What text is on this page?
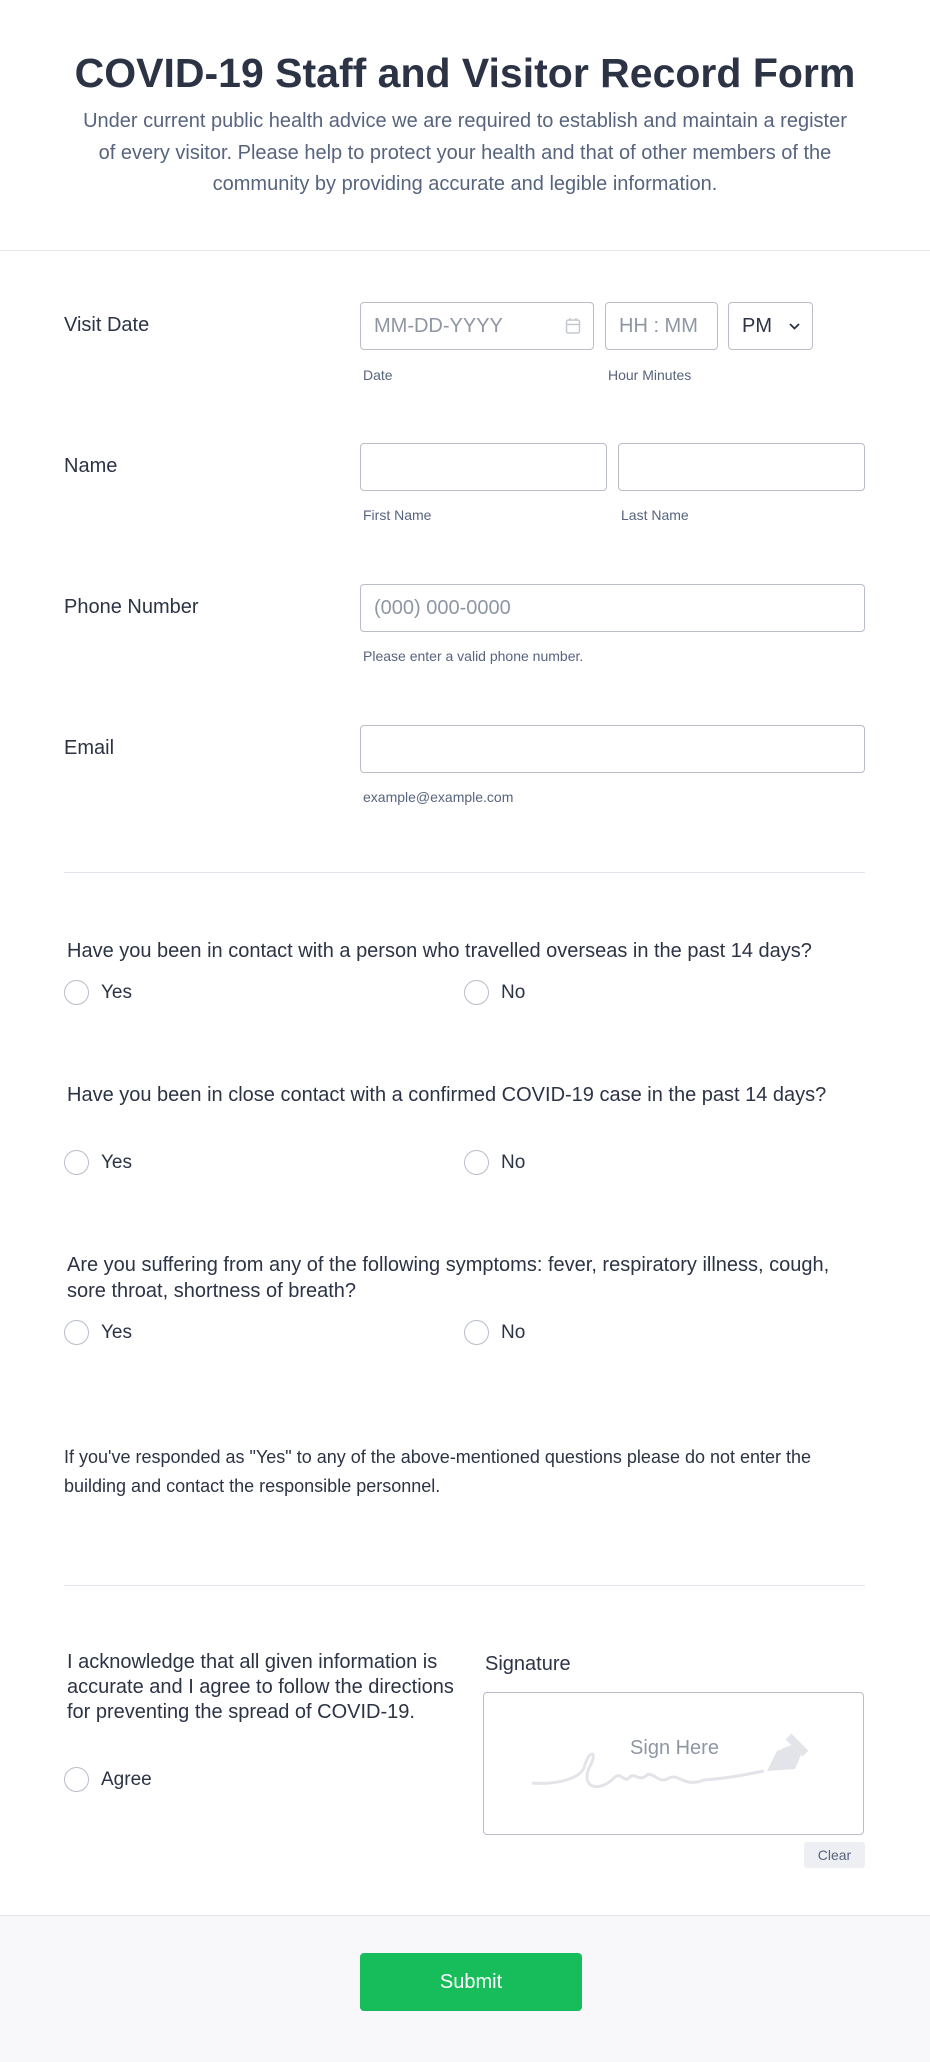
COVID-19 Staff and Visitor Record Form

Under current public health advice we are required to establish and maintain a register of every visitor. Please help to protect your health and that of other members of the community by providing accurate and legible information.

Visit Date	MM-DD-YYYY	HH : MM	PM
Date	Hour Minutes
Name
First Name	Last Name
Phone Number	(000) 000-0000
Please enter a valid phone number.
Email
example@example.com
Have you been in contact with a person who travelled overseas in the past 14 days?
Yes	No
Have you been in close contact with a confirmed COVID-19 case in the past 14 days?
Yes	No
Are you suffering from any of the following symptoms: fever, respiratory illness, cough, sore throat, shortness of breath?
Yes	No
If you've responded as "Yes" to any of the above-mentioned questions please do not enter the building and contact the responsible personnel.
I acknowledge that all given information is accurate and I agree to follow the directions for preventing the spread of COVID-19.
Agree
Signature
Sign Here
Clear
Submit
